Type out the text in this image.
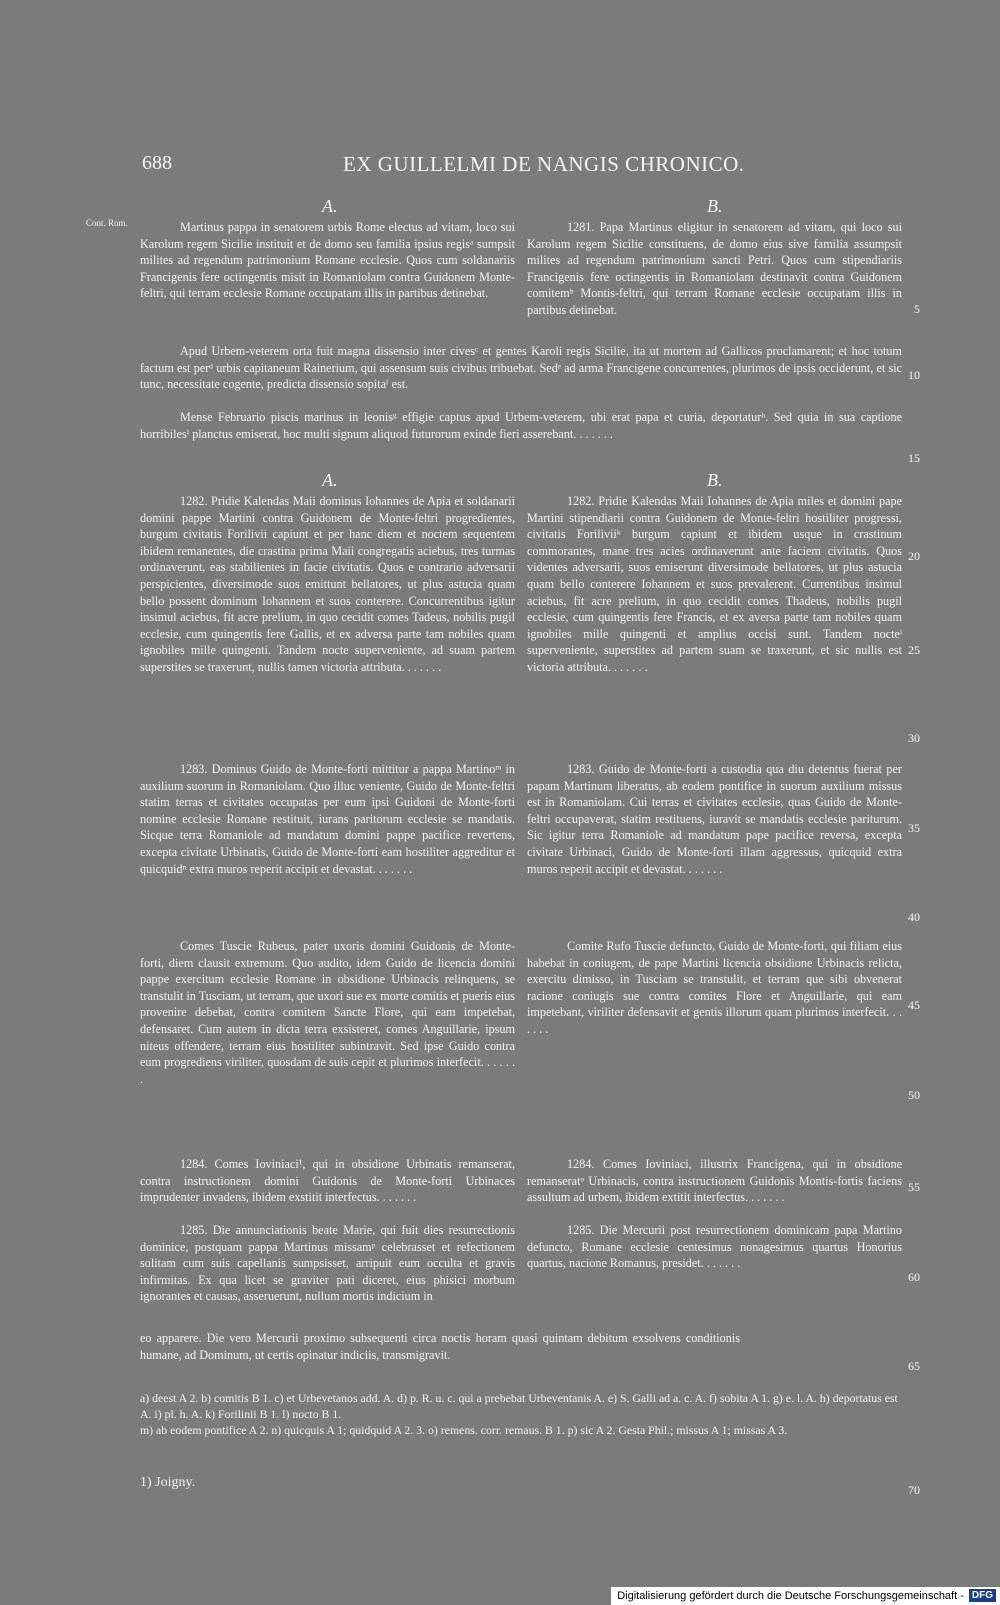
688	EX GUILLELMI DE NANGIS CHRONICO.
Cont. Rom.
A.	B.

Martinus pappa in senatorem urbis Rome electus ad vitam, loco sui Karolum regem Sicilie instituit et de domo seu familia ipsius regisᵃ sumpsit milites ad regendum patrimonium Romane ecclesie. Quos cum soldanariis Francigenis fere octingentis misit in Romaniolam contra Guidonem Monte-feltri, qui terram ecclesie Romane occupatam illis in partibus detinebat.

1281. Papa Martinus eligitur in senatorem ad vitam, qui loco sui Karolum regem Sicilie constituens, de domo eius sive familia assumpsit milites ad regendum patrimonium sancti Petri. Quos cum stipendiariis Francigenis fere octingentis in Romaniolam destinavit contra Guidonem comitemᵇ Montis-feltri, qui terram Romane ecclesie occupatam illis in partibus detinebat.

Apud Urbem-veterem orta fuit magna dissensio inter civesᶜ et gentes Karoli regis Sicilie, ita ut mortem ad Gallicos proclamarent; et hoc totum factum est perᵈ urbis capitaneum Rainerium, qui assensum suis civibus tribuebat. Sedᵉ ad arma Francigene concurrentes, plurimos de ipsis occiderunt, et sic tunc, necessitate cogente, predicta dissensio sopitaᶠ est.

Mense Februario piscis marinus in leonisᵍ effigie captus apud Urbem-veterem, ubi erat papa et curia, deportaturʰ. Sed quia in sua captione horribilesⁱ planctus emiserat, hoc multi signum aliquod futurorum exinde fieri asserebant. . . . . . .

A.	B.

1282. Pridie Kalendas Maii dominus Iohannes de Apia et soldanarii domini pappe Martini contra Guidonem de Monte-feltri progredientes, burgum civitatis Forilivii capiunt et per hanc diem et noctem sequentem ibidem remanentes, die crastina prima Maii congregatis aciebus, tres turmas ordinaverunt, eas stabilientes in facie civitatis. Quos e contrario adversarii perspicientes, diversimode suos emittunt bellatores, ut plus astucia quam bello possent dominum Iohannem et suos conterere. Concurrentibus igitur insimul aciebus, fit acre prelium, in quo cecidit comes Tadeus, nobilis pugil ecclesie, cum quingentis fere Gallis, et ex adversa parte tam nobiles quam ignobiles mille quingenti. Tandem nocte superveniente, ad suam partem superstites se traxerunt, nullis tamen victoria attributa. . . . . . .

1282. Pridie Kalendas Maii Iohannes de Apia miles et domini pape Martini stipendiarii contra Guidonem de Monte-feltri hostiliter progressi, civitatis Foriliviiᵏ burgum capiunt et ibidem usque in crastinum commorantes, mane tres acies ordinaverunt ante faciem civitatis. Quos videntes adversarii, suos emiserunt diversimode bellatores, ut plus astucia quam bello conterere Iohannem et suos prevalerent. Currentibus insimul aciebus, fit acre prelium, in quo cecidit comes Thadeus, nobilis pugil ecclesie, cum quingentis fere Francis, et ex aversa parte tam nobiles quam ignobiles mille quingenti et amplius occisi sunt. Tandem nocteˡ superveniente, superstites ad partem suam se traxerunt, et sic nullis est victoria attributa. . . . . . .

1283. Dominus Guido de Monte-forti mittitur a pappa Martinoᵐ in auxilium suorum in Romaniolam. Quo illuc veniente, Guido de Monte-feltri statim terras et civitates occupatas per eum ipsi Guidoni de Monte-forti nomine ecclesie Romane restituit, iurans paritorum ecclesie se mandatis. Sicque terra Romaniole ad mandatum domini pappe pacifice revertens, excepta civitate Urbinatis, Guido de Monte-forti eam hostiliter aggreditur et quicquidⁿ extra muros reperit accipit et devastat. . . . . . .

1283. Guido de Monte-forti a custodia qua diu detentus fuerat per papam Martinum liberatus, ab eodem pontifice in suorum auxilium missus est in Romaniolam. Cui terras et civitates ecclesie, quas Guido de Monte-feltri occupaverat, statim restituens, iuravit se mandatis ecclesie pariturum. Sic igitur terra Romaniole ad mandatum pape pacifice reversa, excepta civitate Urbinaci, Guido de Monte-forti illam aggressus, quicquid extra muros reperit accipit et devastat. . . . . . .

Comes Tuscie Rubeus, pater uxoris domini Guidonis de Monte-forti, diem clausit extremum. Quo audito, idem Guido de licencia domini pappe exercitum ecclesie Romane in obsidione Urbinacis relinquens, se transtulit in Tusciam, ut terram, que uxori sue ex morte comitis et pueris eius provenire debebat, contra comitem Sancte Flore, qui eam impetebat, defensaret. Cum autem in dicta terra exsisteret, comes Anguillarie, ipsum niteus offendere, terram eius hostiliter subintravit. Sed ipse Guido contra eum progrediens viriliter, quosdam de suis cepit et plurimos interfecit. . . . . . .

Comite Rufo Tuscie defuncto, Guido de Monte-forti, qui filiam eius habebat in coniugem, de pape Martini licencia obsidione Urbinacis relicta, exercitu dimisso, in Tusciam se transtulit, et terram que sibi obvenerat racione coniugis sue contra comites Flore et Anguillarie, qui eam impetebant, viriliter defensavit et gentis illorum quam plurimos interfecit. . . . . . .

1284. Comes Ioviniaci¹, qui in obsidione Urbinatis remanserat, contra instructionem domini Guidonis de Monte-forti Urbinaces imprudenter invadens, ibidem exstitit interfectus. . . . . . .

1284. Comes Ioviniaci, illustrix Francigena, qui in obsidione remanseratᵒ Urbinacis, contra instructionem Guidonis Montis-fortis faciens assultum ad urbem, ibidem extitit interfectus. . . . . . .

1285. Die annunciationis beate Marie, qui fuit dies resurrectionis dominice, postquam pappa Martinus missamᵖ celebrasset et refectionem solitam cum suis capellanis sumpsisset, arripuit eum occulta et gravis infirmitas. Ex qua licet se graviter pati diceret, eius phisici morbum ignorantes et causas, asseruerunt, nullum mortis indicium in

1285. Die Mercurii post resurrectionem dominicam papa Martino defuncto, Romane ecclesie centesimus nonagesimus quartus Honorius quartus, nacione Romanus, presidet. . . . . . .

eo apparere. Die vero Mercurii proximo subsequenti circa noctis horam quasi quintam debitum exsolvens conditionis humane, ad Dominum, ut certis opinatur indiciis, transmigravit.

5
10
15
20
25
30
35
40
45
50
55
60
65
70
a) deest A 2. b) comitis B 1. c) et Urbevetanos add. A. d) p. R. u. c. qui a prebebat Urbeventanis A. e) S. Galli ad a. c. A. f) sobita A 1. g) e. l. A. h) deportatus est A. i) pl. h. A. k) Forilinii B 1. l) nocto B 1.
m) ab eodem pontifice A 2. n) quicquis A 1; quidquid A 2. 3. o) remens. corr. remaus. B 1. p) sic A 2. Gesta Phil.; missus A 1; missas A 3.
1) Joigny.
Digitalisierung gefördert durch die Deutsche Forschungsgemeinschaft - DFG
